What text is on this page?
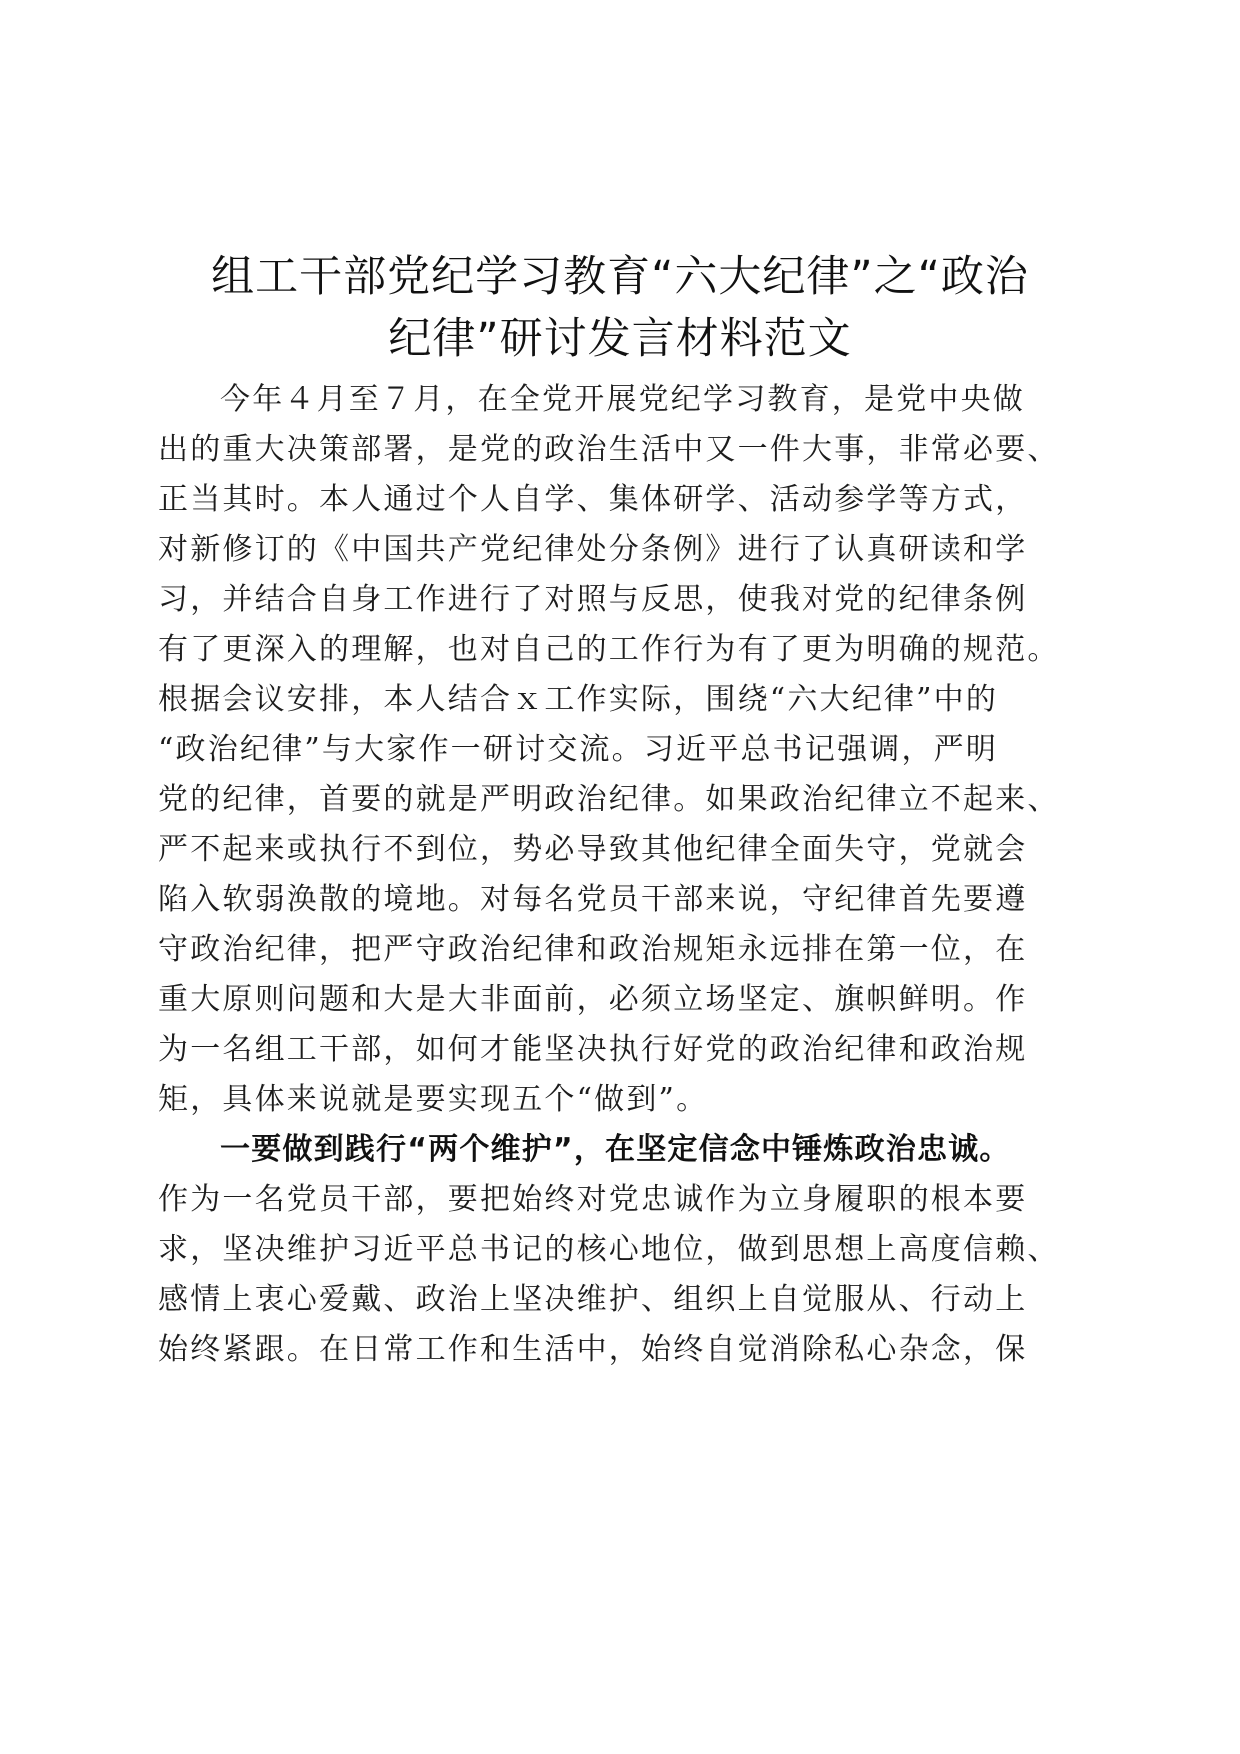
组工干部党纪学习教育“六大纪律”之“政治
纪律”研讨发言材料范文
今年４月至７月，在全党开展党纪学习教育，是党中央做
出的重大决策部署，是党的政治生活中又一件大事，非常必要、
正当其时。本人通过个人自学、集体研学、活动参学等方式，
对新修订的《中国共产党纪律处分条例》进行了认真研读和学
习，并结合自身工作进行了对照与反思，使我对党的纪律条例
有了更深入的理解，也对自己的工作行为有了更为明确的规范。
根据会议安排，本人结合ｘ工作实际，围绕“六大纪律”中的
“政治纪律”与大家作一研讨交流。习近平总书记强调，严明
党的纪律，首要的就是严明政治纪律。如果政治纪律立不起来、
严不起来或执行不到位，势必导致其他纪律全面失守，党就会
陷入软弱涣散的境地。对每名党员干部来说，守纪律首先要遵
守政治纪律，把严守政治纪律和政治规矩永远排在第一位，在
重大原则问题和大是大非面前，必须立场坚定、旗帜鲜明。作
为一名组工干部，如何才能坚决执行好党的政治纪律和政治规
矩，具体来说就是要实现五个“做到”。
一要做到践行“两个维护”，在坚定信念中锤炼政治忠诚。
作为一名党员干部，要把始终对党忠诚作为立身履职的根本要
求，坚决维护习近平总书记的核心地位，做到思想上高度信赖、
感情上衷心爱戴、政治上坚决维护、组织上自觉服从、行动上
始终紧跟。在日常工作和生活中，始终自觉消除私心杂念，保
